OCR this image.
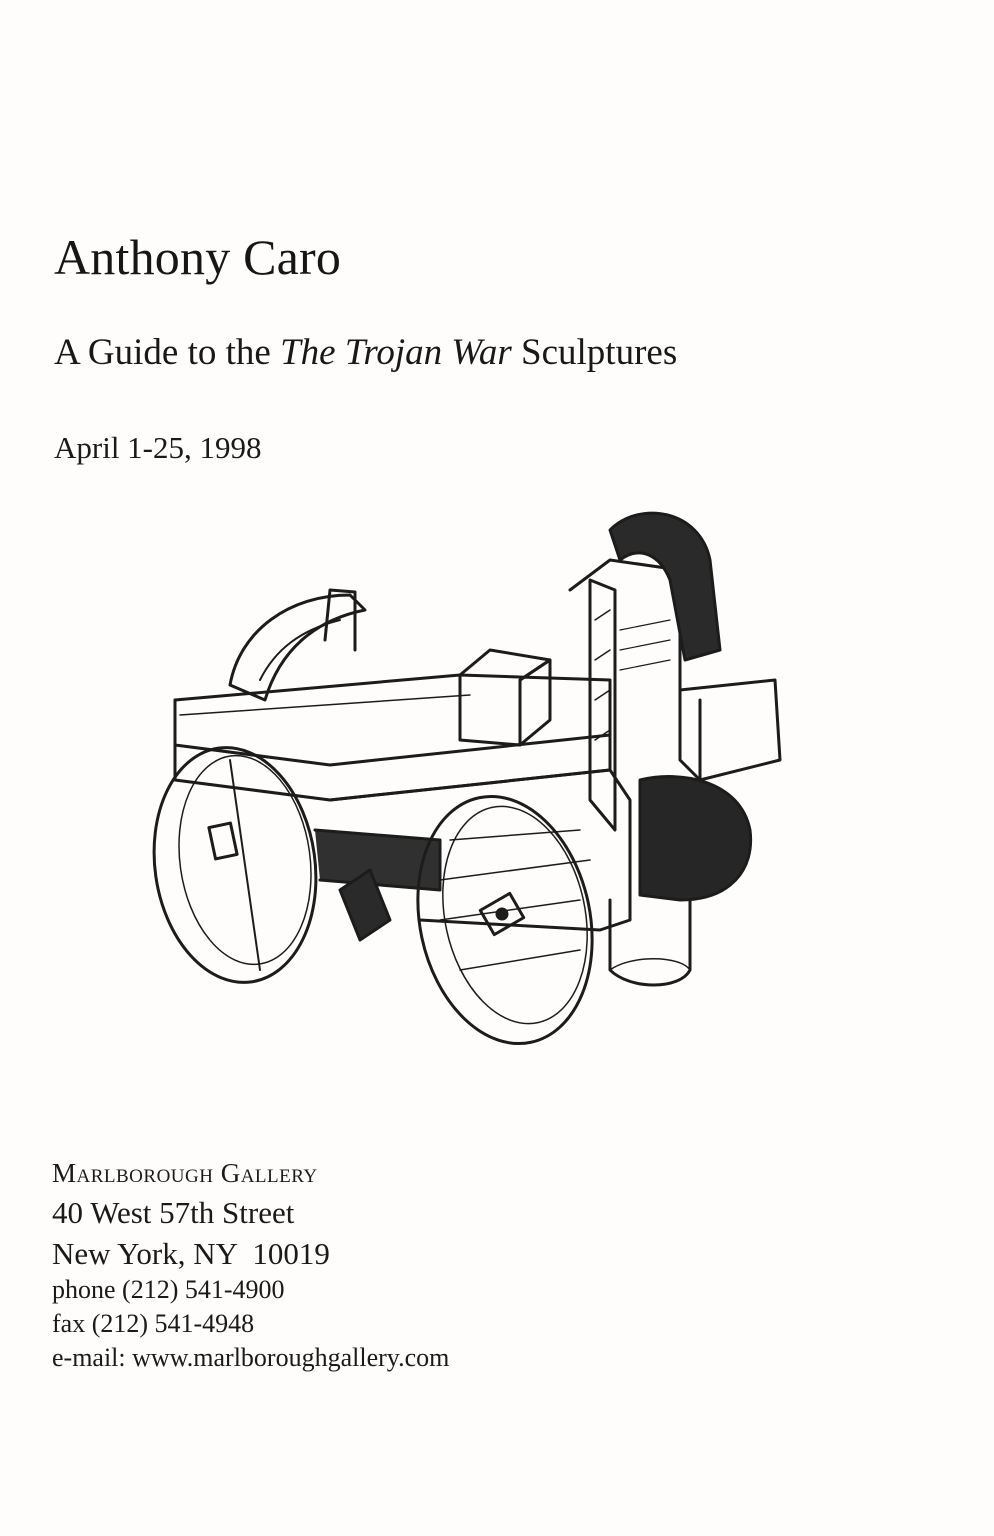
Anthony Caro
A Guide to the The Trojan War Sculptures
April 1-25, 1998
Marlborough Gallery
40 West 57th Street
New York, NY  10019
phone (212) 541-4900
fax (212) 541-4948
e-mail: www.marlboroughgallery.com
